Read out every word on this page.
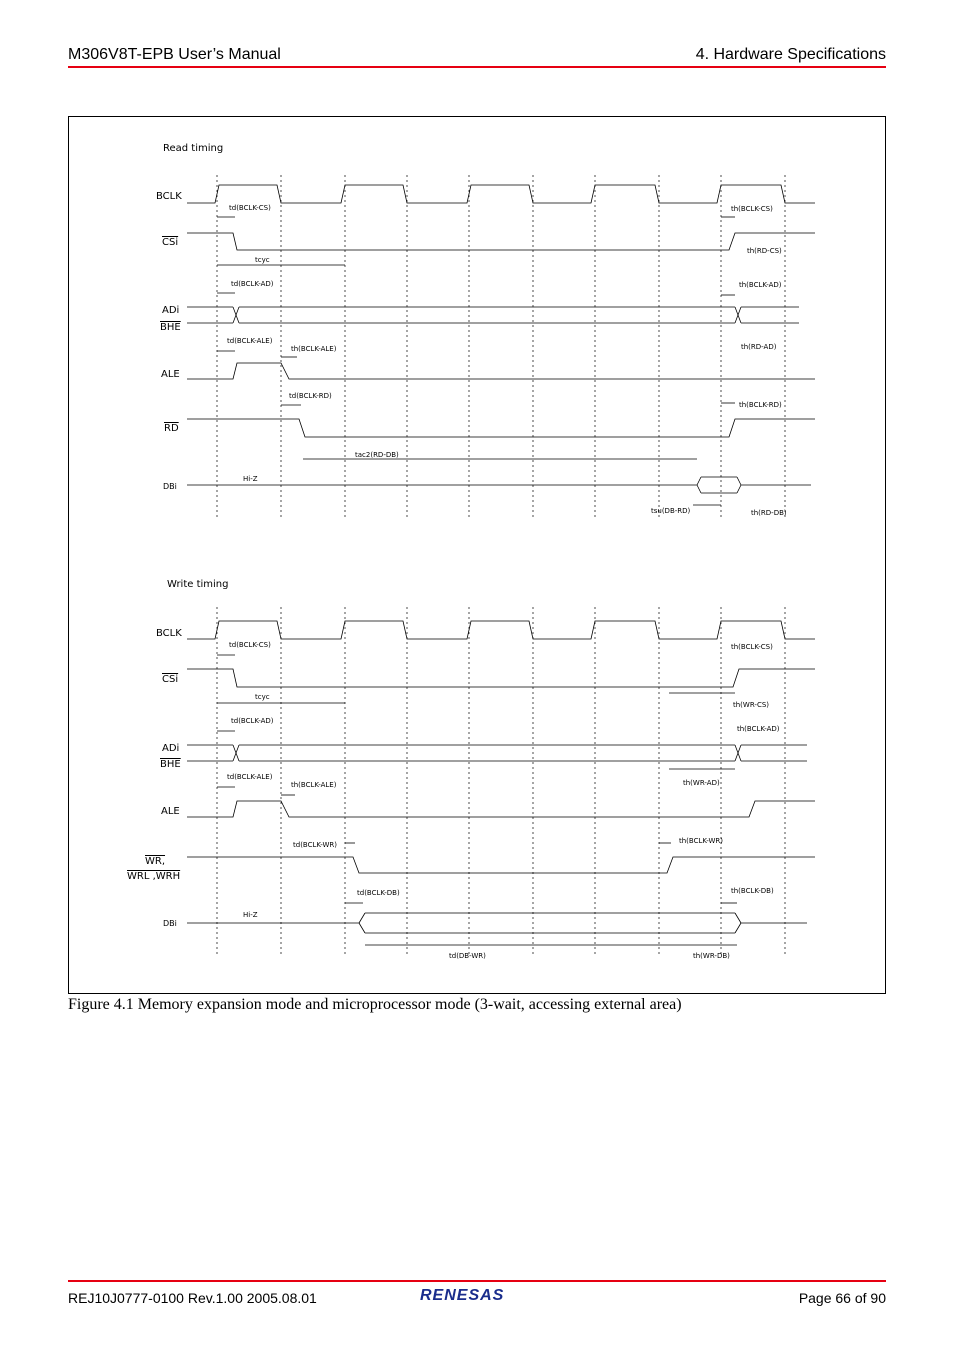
M306V8T-EPB User’s Manual	4. Hardware Specifications
Read timing
BCLK
CSi
ADi
BHE
ALE
RD
DBi
td(BCLK-CS)	th(BCLK-CS)
th(RD-CS)
tcyc
td(BCLK-AD)	th(BCLK-AD)
td(BCLK-ALE)
th(BCLK-ALE)	th(RD-AD)
td(BCLK-RD)
th(BCLK-RD)
tac2(RD-DB)
Hi-Z
tsu(DB-RD)	th(RD-DB)
Write timing
BCLK
CSi
ADi
BHE
ALE
WR,
WRL ,WRH
DBi
td(BCLK-CS)	th(BCLK-CS)
tcyc
th(WR-CS)
td(BCLK-AD)
th(BCLK-AD)
td(BCLK-ALE)
th(BCLK-ALE)	th(WR-AD)
td(BCLK-WR)	th(BCLK-WR)
td(BCLK-DB)	th(BCLK-DB)
Hi-Z
td(DB-WR)	th(WR-DB)
Figure 4.1 Memory expansion mode and microprocessor mode (3-wait, accessing external area)
REJ10J0777-0100 Rev.1.00 2005.08.01	RENESAS	Page 66 of 90
